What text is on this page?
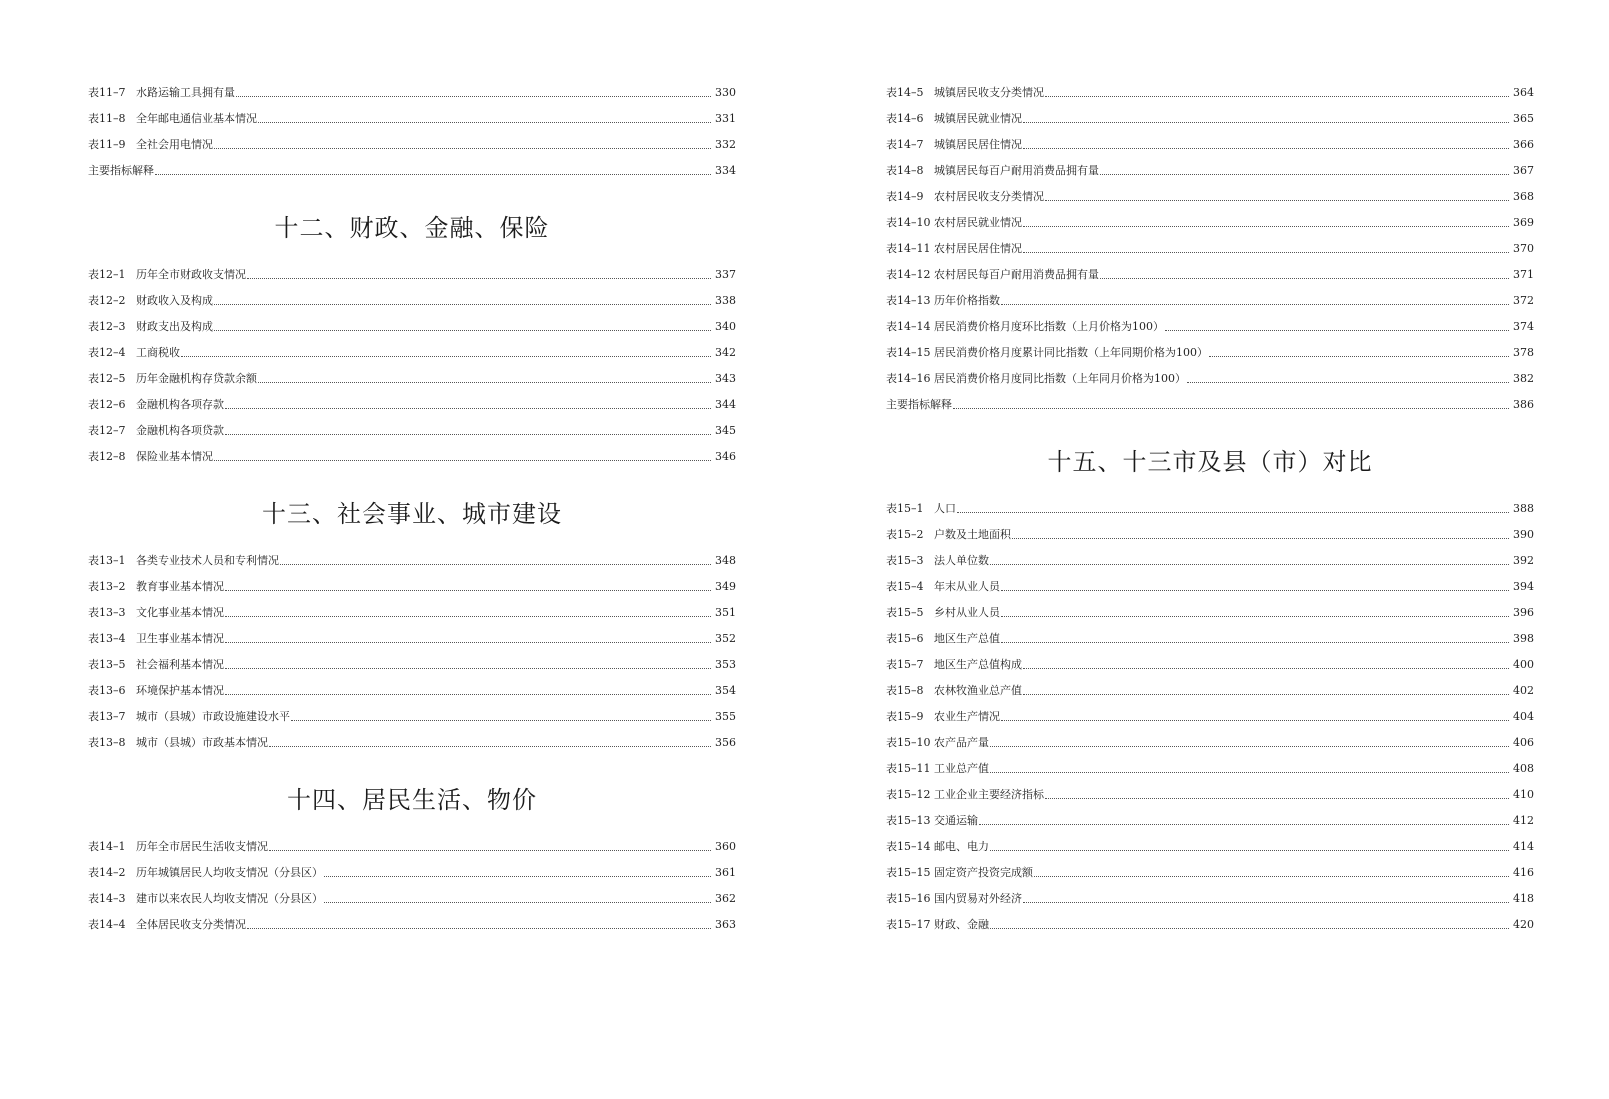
表11–7 水路运输工具拥有量	330
表11–8 全年邮电通信业基本情况	331
表11–9 全社会用电情况	332
主要指标解释	334
十二、财政、金融、保险
表12–1 历年全市财政收支情况	337
表12–2 财政收入及构成	338
表12–3 财政支出及构成	340
表12–4 工商税收	342
表12–5 历年金融机构存贷款余额	343
表12–6 金融机构各项存款	344
表12–7 金融机构各项贷款	345
表12–8 保险业基本情况	346
十三、社会事业、城市建设
表13–1 各类专业技术人员和专利情况	348
表13–2 教育事业基本情况	349
表13–3 文化事业基本情况	351
表13–4 卫生事业基本情况	352
表13–5 社会福利基本情况	353
表13–6 环境保护基本情况	354
表13–7 城市（县城）市政设施建设水平	355
表13–8 城市（县城）市政基本情况	356
十四、居民生活、物价
表14–1 历年全市居民生活收支情况	360
表14–2 历年城镇居民人均收支情况（分县区）	361
表14–3 建市以来农民人均收支情况（分县区）	362
表14–4 全体居民收支分类情况	363
表14–5 城镇居民收支分类情况	364
表14–6 城镇居民就业情况	365
表14–7 城镇居民居住情况	366
表14–8 城镇居民每百户耐用消费品拥有量	367
表14–9 农村居民收支分类情况	368
表14–10 农村居民就业情况	369
表14–11 农村居民居住情况	370
表14–12 农村居民每百户耐用消费品拥有量	371
表14–13 历年价格指数	372
表14–14 居民消费价格月度环比指数（上月价格为100）	374
表14–15 居民消费价格月度累计同比指数（上年同期价格为100）	378
表14–16 居民消费价格月度同比指数（上年同月价格为100）	382
主要指标解释	386
十五、十三市及县（市）对比
表15–1 人口	388
表15–2 户数及土地面积	390
表15–3 法人单位数	392
表15–4 年末从业人员	394
表15–5 乡村从业人员	396
表15–6 地区生产总值	398
表15–7 地区生产总值构成	400
表15–8 农林牧渔业总产值	402
表15–9 农业生产情况	404
表15–10 农产品产量	406
表15–11 工业总产值	408
表15–12 工业企业主要经济指标	410
表15–13 交通运输	412
表15–14 邮电、电力	414
表15–15 固定资产投资完成额	416
表15–16 国内贸易对外经济	418
表15–17 财政、金融	420
